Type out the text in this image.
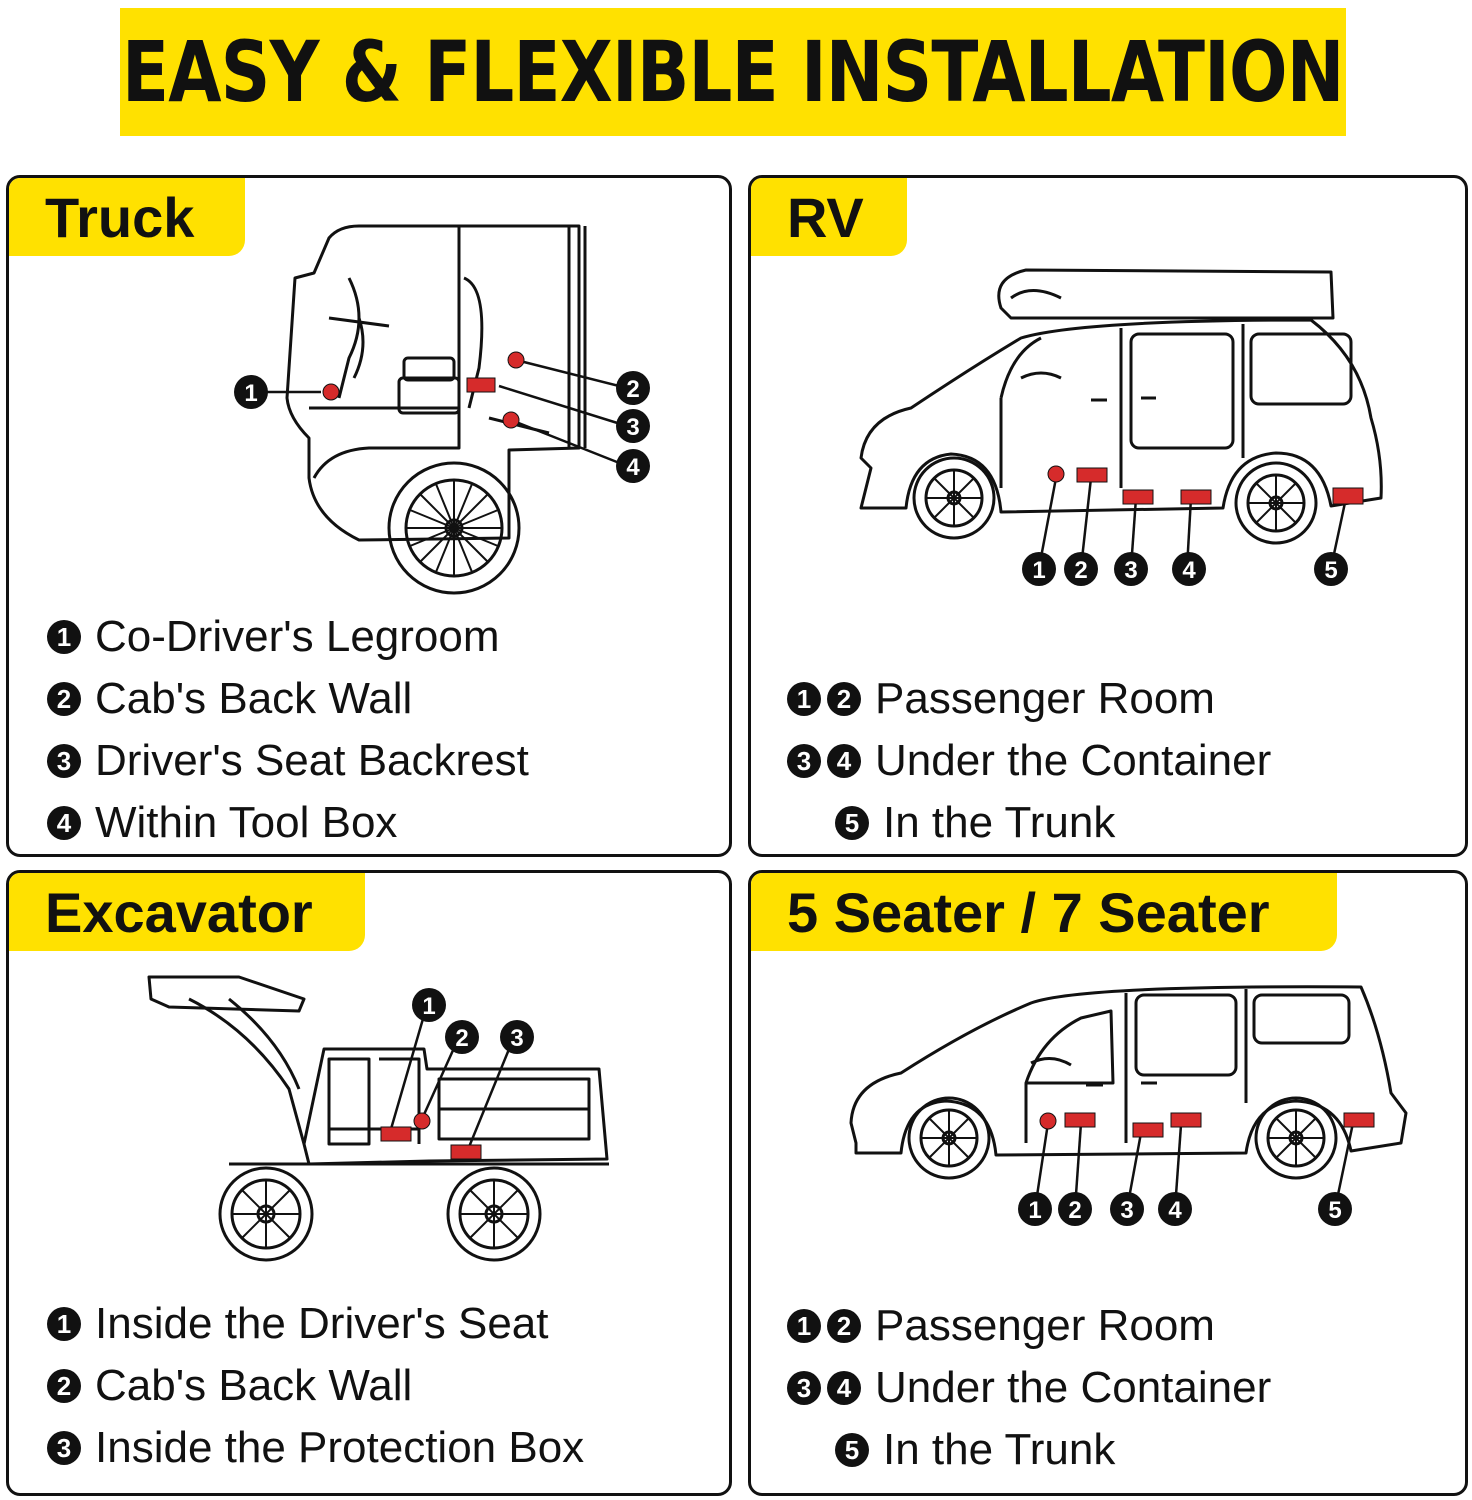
EASY & FLEXIBLE INSTALLATION
Truck
1	2
3
4
1 Co-Driver's Legroom
2 Cab's Back Wall
3 Driver's Seat Backrest
4 Within Tool Box
RV
1 2 3 4	5
1 2 Passenger Room
3 4 Under the Container
5 In the Trunk
Excavator
1
2 3
1 Inside the Driver's Seat
2 Cab's Back Wall
3 Inside the Protection Box
5 Seater / 7 Seater
1 2 3 4	5
1 2 Passenger Room
3 4 Under the Container
5 In the Trunk
